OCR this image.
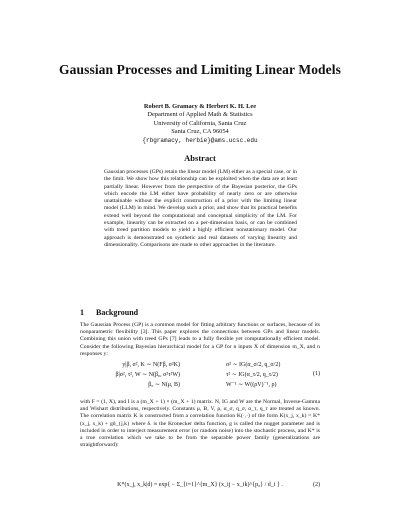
Gaussian Processes and Limiting Linear Models
Robert B. Gramacy & Herbert K. H. Lee
Department of Applied Math & Statistics
University of California, Santa Cruz
Santa Cruz, CA 96054
{rbgramacy, herbie}@ams.ucsc.edu
Abstract

Gaussian processes (GPs) retain the linear model (LM) either as a special case, or in the limit. We show how this relationship can be exploited when the data are at least partially linear. However from the perspective of the Bayesian posterior, the GPs which encode the LM either have probability of nearly zero or are otherwise unattainable without the explicit construction of a prior with the limiting linear model (LLM) in mind. We develop such a prior, and show that its practical benefits extend well beyond the computational and conceptual simplicity of the LM. For example, linearity can be extracted on a per-dimension basis, or can be combined with treed partition models to yield a highly efficient nonstationary model. Our approach is demonstrated on synthetic and real datasets of varying linearity and dimensionality. Comparisons are made to other approaches in the literature.

1 Background

The Gaussian Process (GP) is a common model for fitting arbitrary functions or surfaces, because of its nonparametric flexibility [3]. This paper explores the connections between GPs and linear models. Combining this union with treed GPs [7] leads to a fully flexible yet computationally efficient model. Consider the following Bayesian hierarchical model for a GP for n inputs X of dimension m_X, and n responses y:

y|β, σ², K ∼ N(Fβ, σ²K)	σ² ∼ IG(α_σ/2, q_σ/2)
β|σ², τ², W ∼ N(β₀, σ²τ²W)	τ² ∼ IG(α_τ/2, q_τ/2)	(1)
β₀ ∼ N(μ, B)	W⁻¹ ∼ W((ρV)⁻¹, ρ)

with F = (1, X), and I is a (m_X + 1) × (m_X + 1) matrix. N, IG and W are the Normal, Inverse-Gamma and Wishart distributions, respectively. Constants μ, B, V, ρ, α_σ, q_σ, α_τ, q_τ are treated as known. The correlation matrix K is constructed from a correlation function K(·,·) of the form K(x_j, x_k) = K*(x_j, x_k) + gδ_{j,k} where δ. is the Kronecker delta function, g is called the nugget parameter and is included in order to interject measurement error (or random noise) into the stochastic process, and K* is a true correlation which we take to be from the separable power family (generalizations are straightforward):

K*(x_j, x_k|d) = exp{ − Σ_{i=1}^{m_X} (x_ij − x_ik)^{p₀} / d_i } .	(2)
